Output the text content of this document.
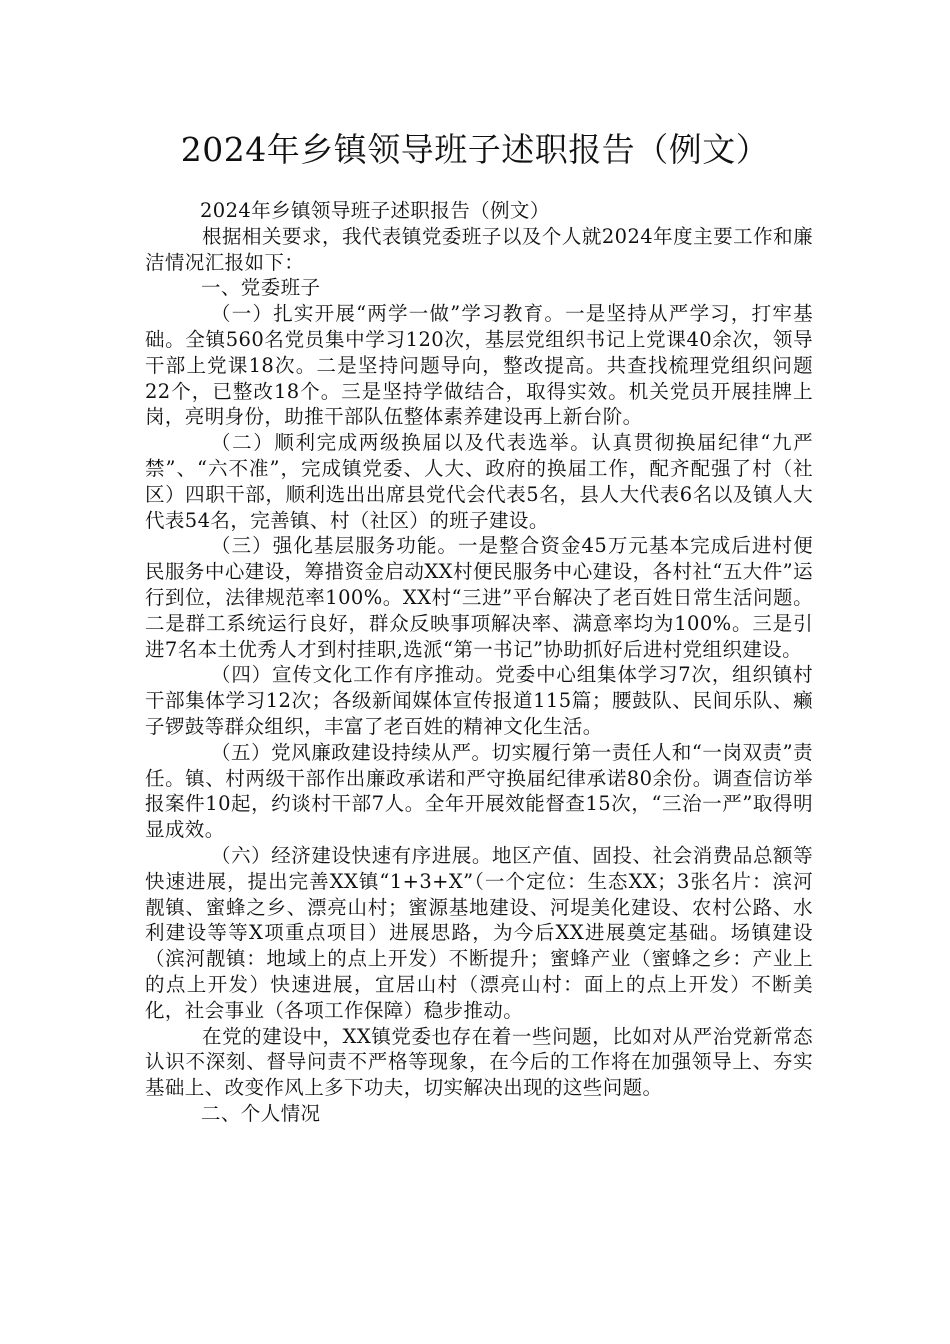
2024年乡镇领导班子述职报告（例文）

2024年乡镇领导班子述职报告（例文）

根据相关要求，我代表镇党委班子以及个人就2024年度主要工作和廉洁情况汇报如下：

一、党委班子

（一）扎实开展“两学一做”学习教育。一是坚持从严学习，打牢基础。全镇560名党员集中学习120次，基层党组织书记上党课40余次，领导干部上党课18次。二是坚持问题导向，整改提高。共查找梳理党组织问题22个，已整改18个。三是坚持学做结合，取得实效。机关党员开展挂牌上岗，亮明身份，助推干部队伍整体素养建设再上新台阶。

（二）顺利完成两级换届以及代表选举。认真贯彻换届纪律“九严禁”、“六不准”，完成镇党委、人大、政府的换届工作，配齐配强了村（社区）四职干部，顺利选出出席县党代会代表5名，县人大代表6名以及镇人大代表54名，完善镇、村（社区）的班子建设。

（三）强化基层服务功能。一是整合资金45万元基本完成后进村便民服务中心建设，筹措资金启动XX村便民服务中心建设，各村社“五大件”运行到位，法律规范率100%。XX村“三进”平台解决了老百姓日常生活问题。二是群工系统运行良好，群众反映事项解决率、满意率均为100%。三是引进7名本土优秀人才到村挂职,选派“第一书记”协助抓好后进村党组织建设。

（四）宣传文化工作有序推动。党委中心组集体学习7次，组织镇村干部集体学习12次；各级新闻媒体宣传报道115篇；腰鼓队、民间乐队、癞子锣鼓等群众组织，丰富了老百姓的精神文化生活。

（五）党风廉政建设持续从严。切实履行第一责任人和“一岗双责”责任。镇、村两级干部作出廉政承诺和严守换届纪律承诺80余份。调查信访举报案件10起，约谈村干部7人。全年开展效能督查15次，“三治一严”取得明显成效。

（六）经济建设快速有序进展。地区产值、固投、社会消费品总额等快速进展，提出完善XX镇“1+3+X”（一个定位：生态XX；3张名片：滨河靓镇、蜜蜂之乡、漂亮山村；蜜源基地建设、河堤美化建设、农村公路、水利建设等等X项重点项目）进展思路，为今后XX进展奠定基础。场镇建设（滨河靓镇：地域上的点上开发）不断提升；蜜蜂产业（蜜蜂之乡：产业上的点上开发）快速进展，宜居山村（漂亮山村：面上的点上开发）不断美化，社会事业（各项工作保障）稳步推动。

在党的建设中，XX镇党委也存在着一些问题，比如对从严治党新常态认识不深刻、督导问责不严格等现象，在今后的工作将在加强领导上、夯实基础上、改变作风上多下功夫，切实解决出现的这些问题。

二、个人情况
